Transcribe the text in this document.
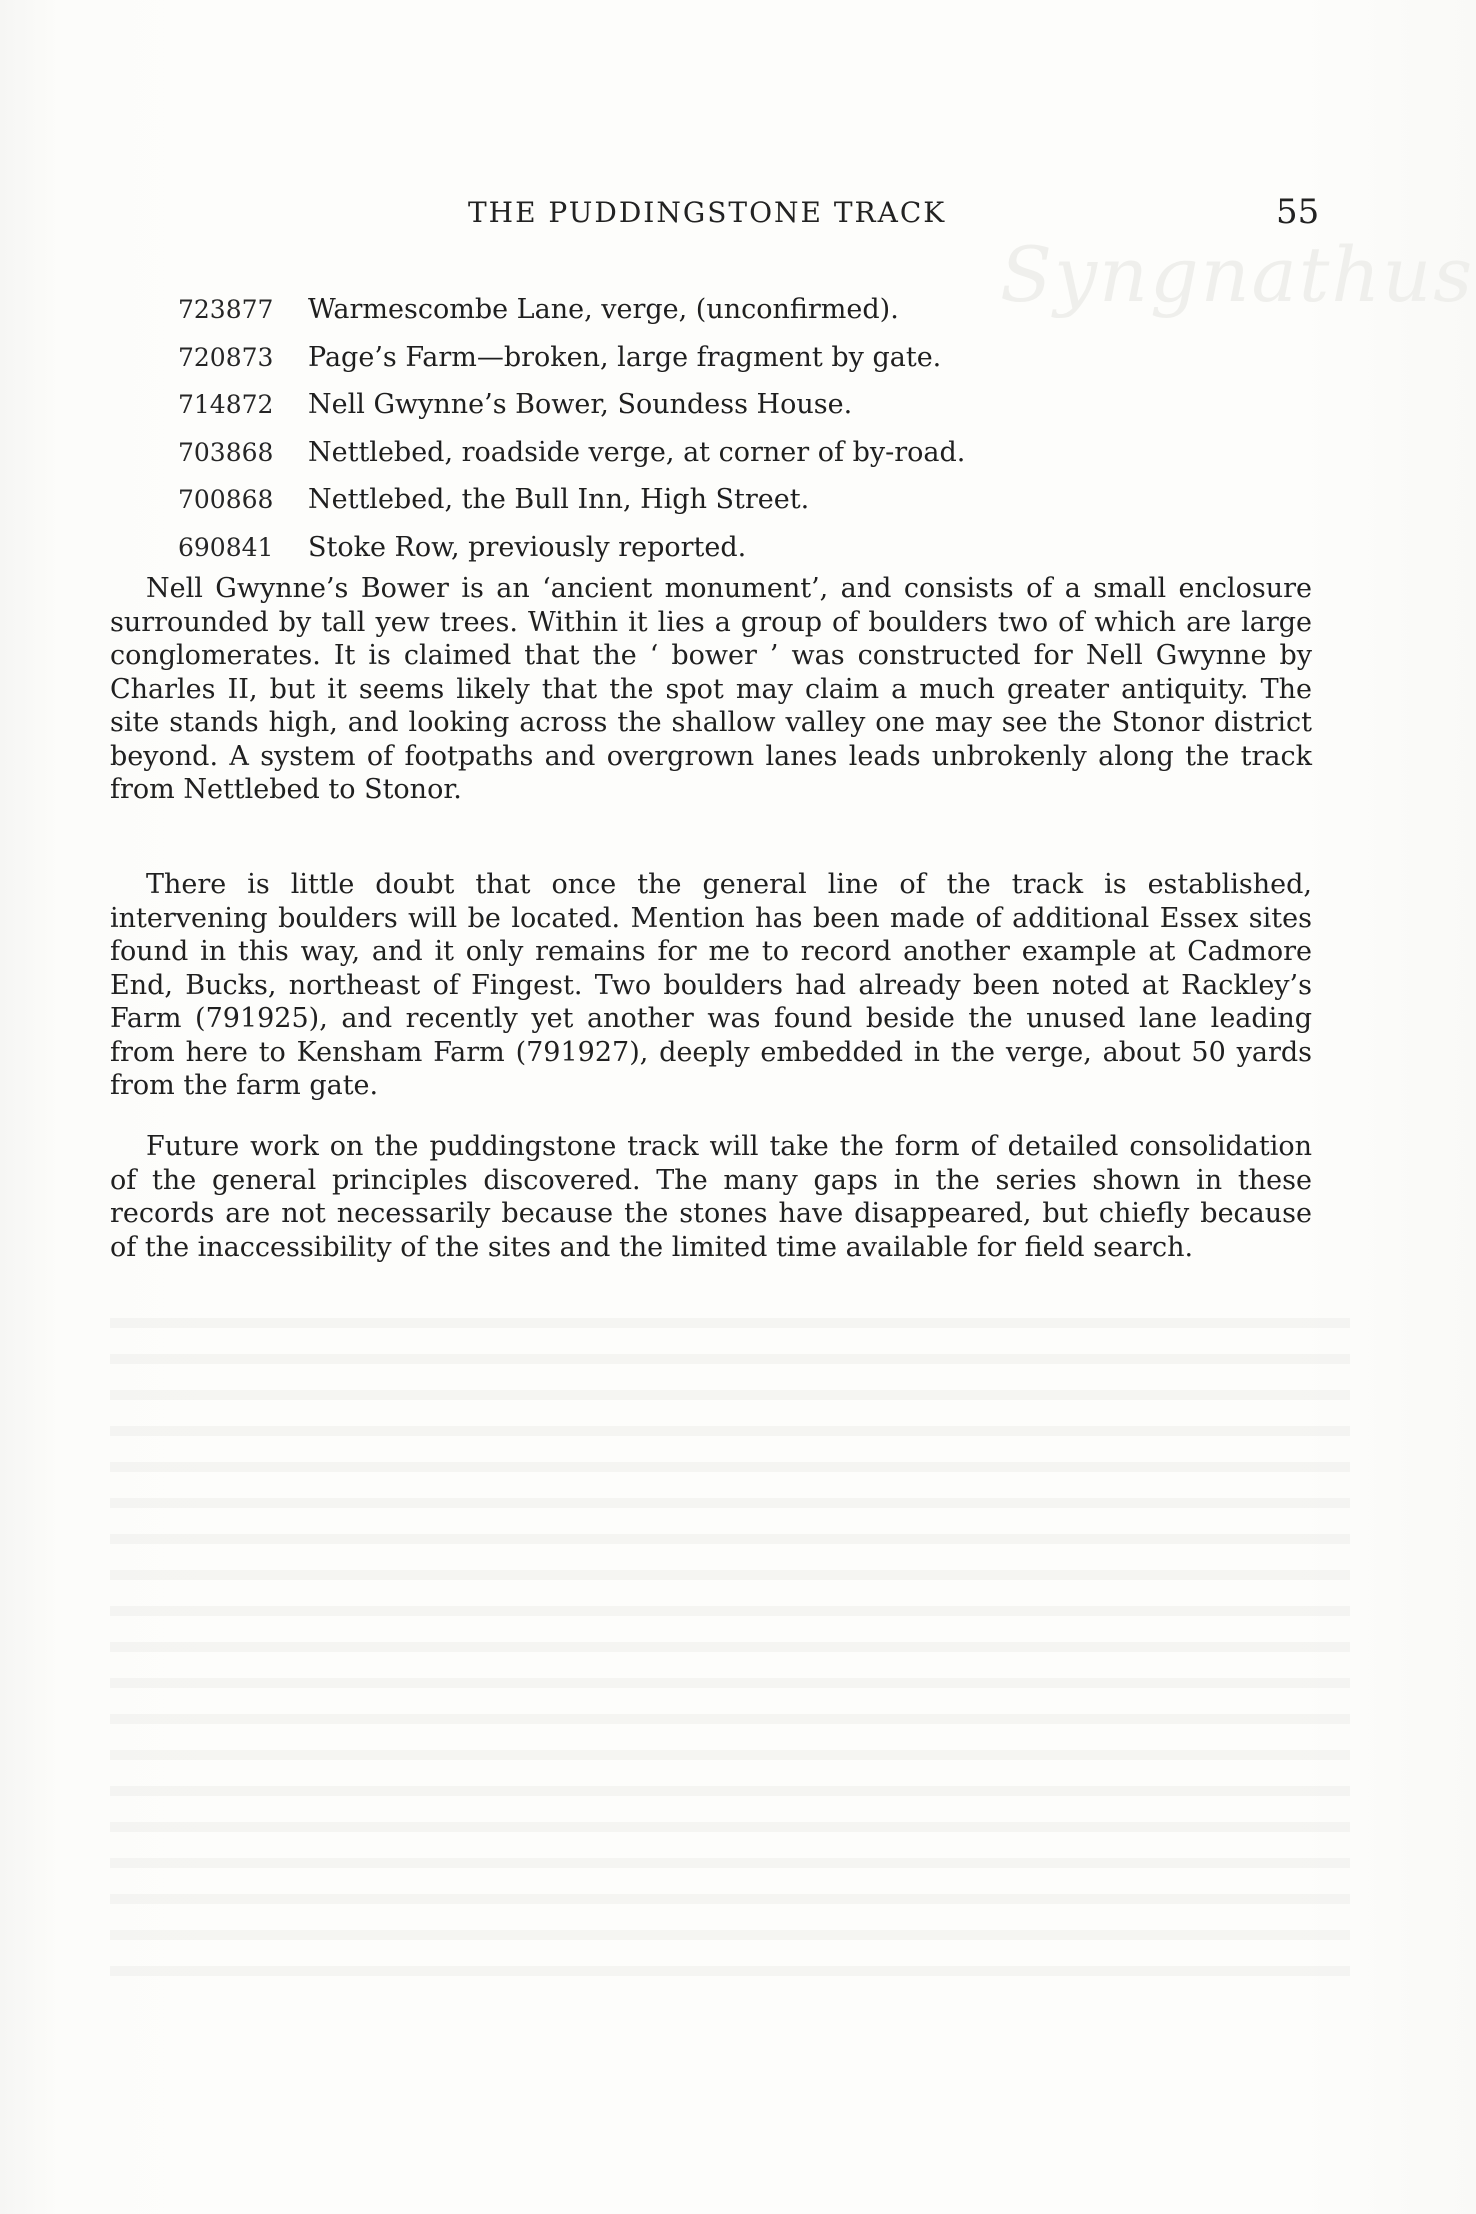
Syngnathus
THE PUDDINGSTONE TRACK	55
723877 Warmescombe Lane, verge, (unconfirmed).
720873 Page’s Farm—broken, large fragment by gate.
714872 Nell Gwynne’s Bower, Soundess House.
703868 Nettlebed, roadside verge, at corner of by-road.
700868 Nettlebed, the Bull Inn, High Street.
690841 Stoke Row, previously reported.

Nell Gwynne’s Bower is an ‘ancient monument’, and consists of a small enclosure surrounded by tall yew trees. Within it lies a group of boulders two of which are large conglomerates. It is claimed that the ‘ bower ’ was constructed for Nell Gwynne by Charles II, but it seems likely that the spot may claim a much greater antiquity. The site stands high, and looking across the shallow valley one may see the Stonor district beyond. A system of footpaths and overgrown lanes leads unbrokenly along the track from Nettlebed to Stonor.

There is little doubt that once the general line of the track is established, intervening boulders will be located. Mention has been made of additional Essex sites found in this way, and it only remains for me to record another example at Cadmore End, Bucks, northeast of Fingest. Two boulders had already been noted at Rackley’s Farm (791925), and recently yet another was found beside the unused lane leading from here to Kensham Farm (791927), deeply embedded in the verge, about 50 yards from the farm gate.

Future work on the puddingstone track will take the form of detailed consolidation of the general principles discovered. The many gaps in the series shown in these records are not necessarily because the stones have disappeared, but chiefly because of the inaccessibility of the sites and the limited time available for field search.
